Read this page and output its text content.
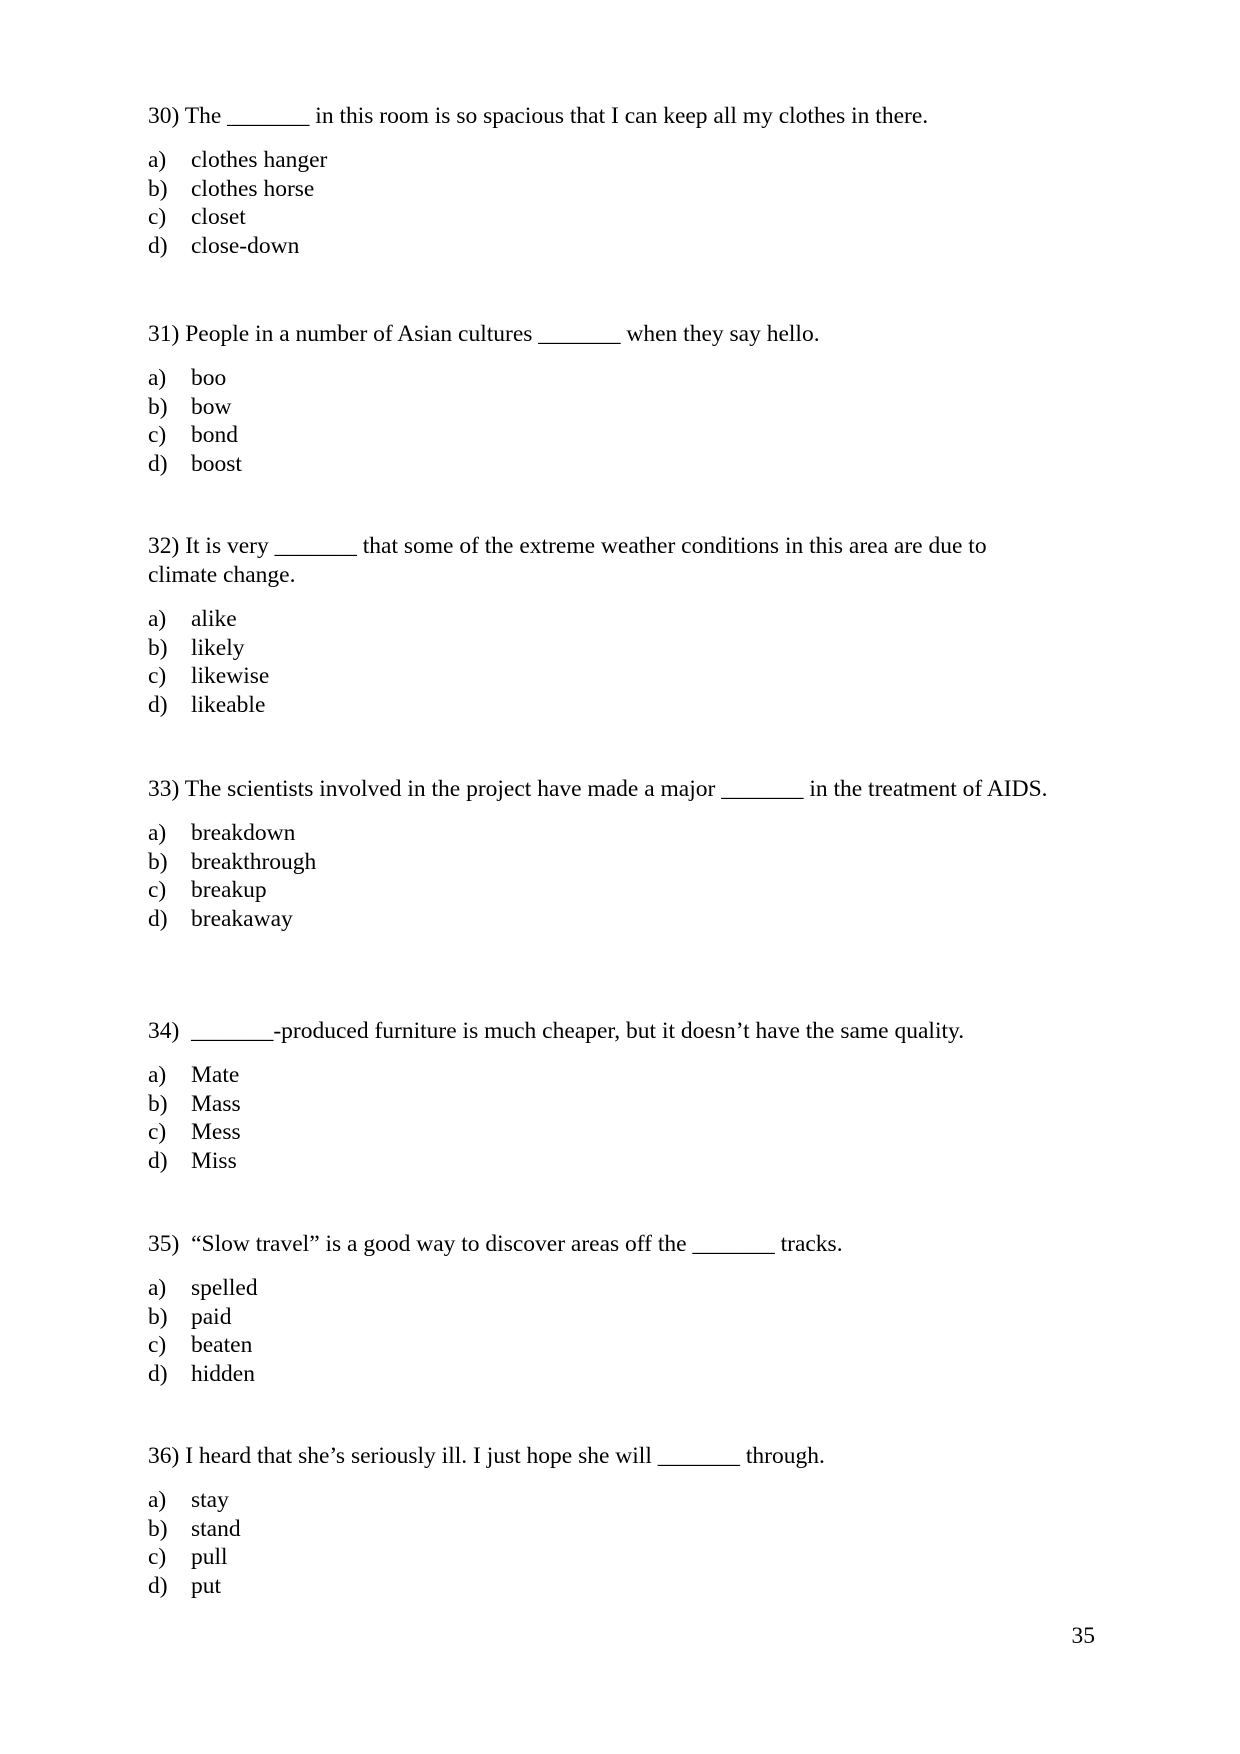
30) The _______ in this room is so spacious that I can keep all my clothes in there.

a) clothes hanger
b) clothes horse
c) closet
d) close-down

31) People in a number of Asian cultures _______ when they say hello.

a) boo
b) bow
c) bond
d) boost

32) It is very _______ that some of the extreme weather conditions in this area are due to climate change.

a) alike
b) likely
c) likewise
d) likeable

33) The scientists involved in the project have made a major _______ in the treatment of AIDS.

a) breakdown
b) breakthrough
c) breakup
d) breakaway

34)  _______-produced furniture is much cheaper, but it doesn’t have the same quality.

a) Mate
b) Mass
c) Mess
d) Miss

35)  “Slow travel” is a good way to discover areas off the _______ tracks.

a) spelled
b) paid
c) beaten
d) hidden

36) I heard that she’s seriously ill. I just hope she will _______ through.

a) stay
b) stand
c) pull
d) put
35
